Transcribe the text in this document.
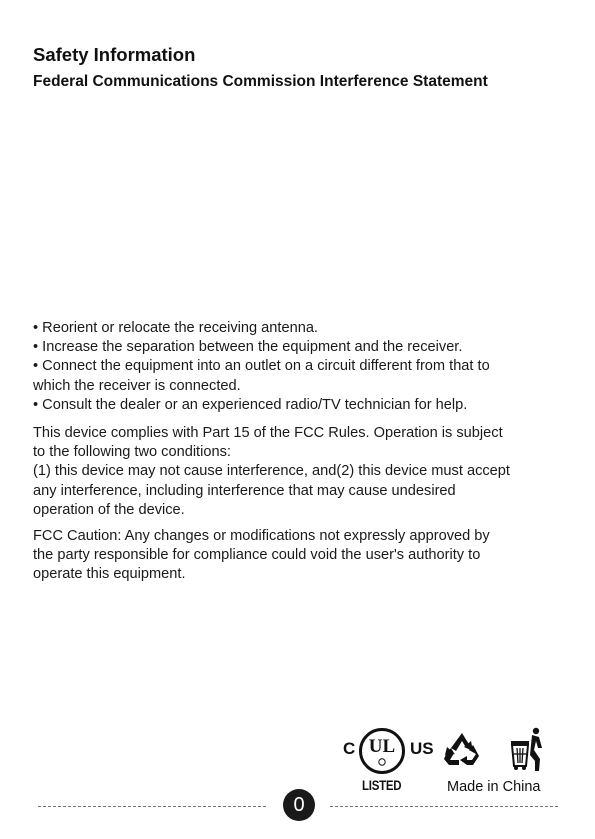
Safety Information
Federal Communications Commission Interference Statement
• Reorient or relocate the receiving antenna.
• Increase the separation between the equipment and the receiver.
• Connect the equipment into an outlet on a circuit different from that to
which the receiver is connected.
• Consult the dealer or an experienced radio/TV technician for help.
This device complies with Part 15 of the FCC Rules. Operation is subject
to the following two conditions:
(1) this device may not cause interference, and(2) this device must accept
any interference, including interference that may cause undesired
operation of the device.
FCC Caution: Any changes or modifications not expressly approved by
the party responsible for compliance could void the user's authority to
operate this equipment.
C UL US
LISTED	Made in China
0
